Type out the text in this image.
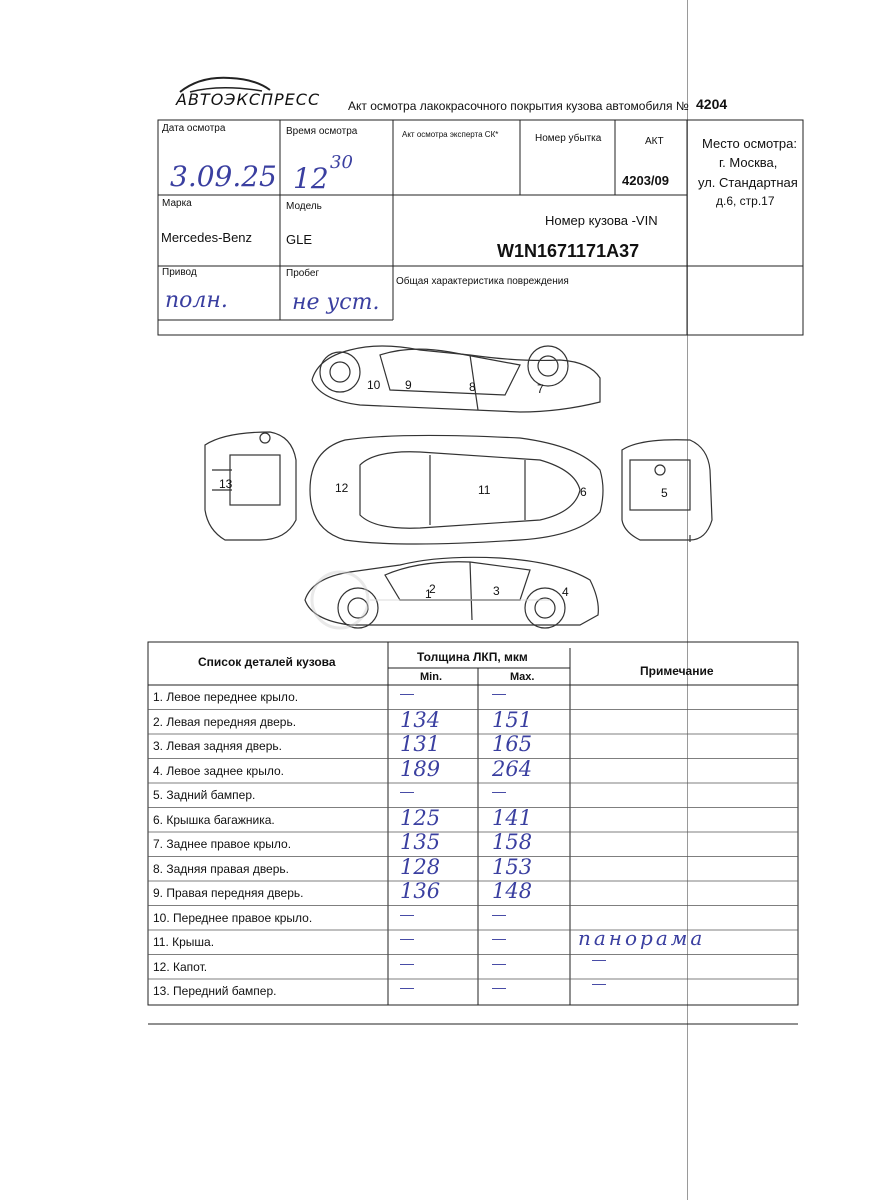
АВТОЭКСПРЕСС Акт осмотра лакокрасочного покрытия кузова автомобиля № 4204
Дата осмотра
3.09.25
Время осмотра
12 30
Акт осмотра эксперта СК*	Номер убытка	АКТ
4203/09
Место осмотра:
г. Москва,
ул. Стандартная
д.6, стр.17
Марка
Mercedes-Benz
Модель
GLE
Номер кузова -VIN
W1N1671171A37
Привод
полн.
Пробег
не уст.
Общая характеристика повреждения
1
2	3	4
5
6
7
8
9
10
11
12
13
Список деталей кузова	Толщина ЛКП, мкм
Min.	Max.	Примечание
1. Левое переднее крыло.	—	—
2. Левая передняя дверь.	134 151
3. Левая задняя дверь.	131 165
4. Левое заднее крыло.	189 264
5. Задний бампер.	—	—
6. Крышка багажника.	125 141
7. Заднее правое крыло.	135 158
8. Задняя правая дверь.	128 153
9. Правая передняя дверь.	136 148
10. Переднее правое крыло.	—	—
11. Крыша.	—	—	панорама
12. Капот.	—	—	—
13. Передний бампер.	—	—	—
